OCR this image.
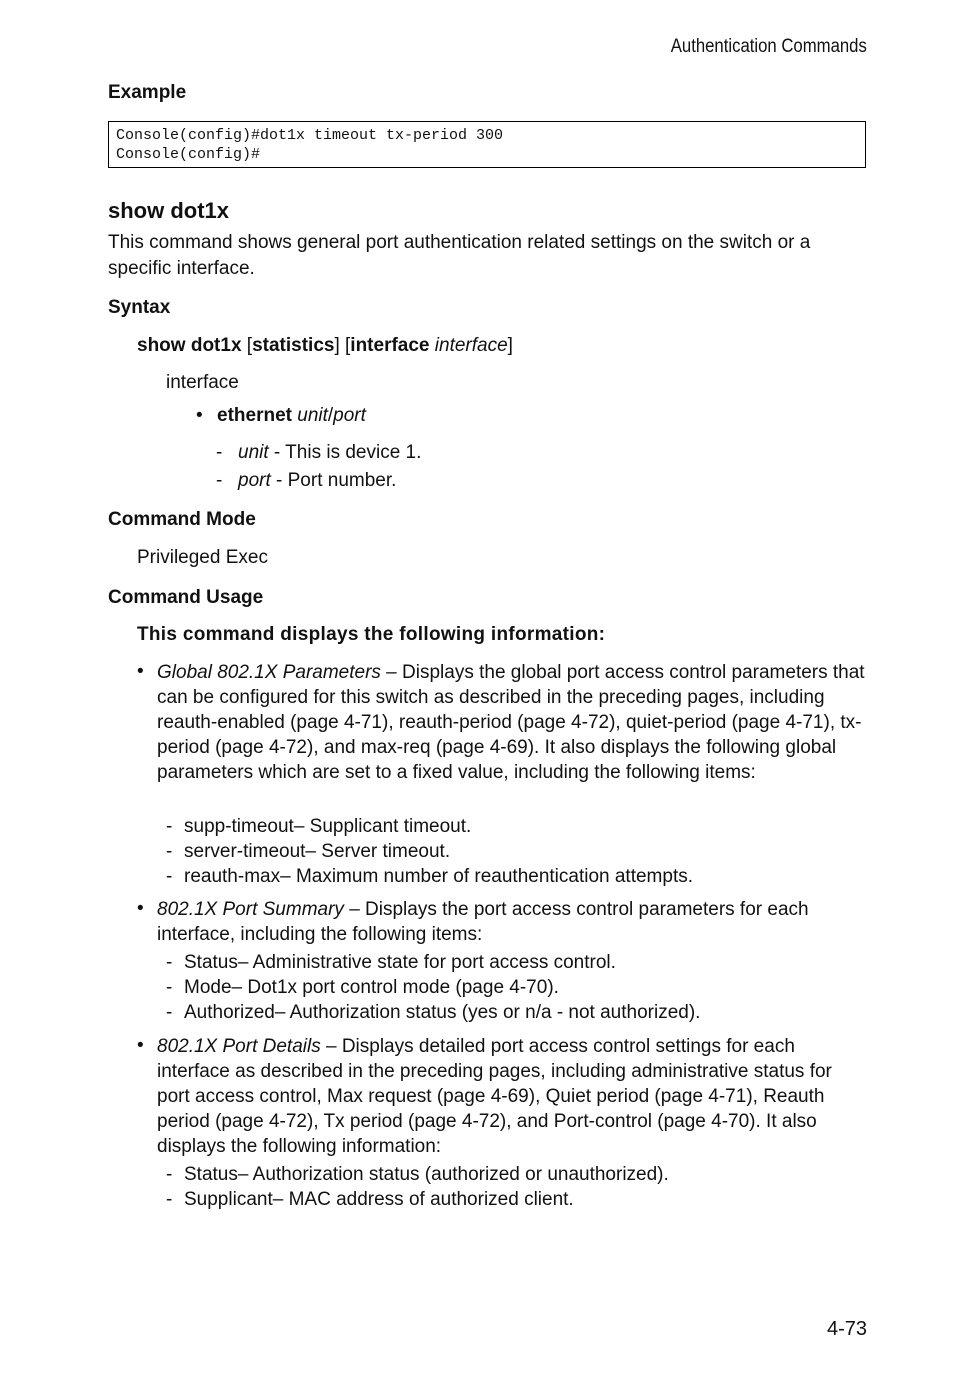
Authentication Commands
Example
Console(config)#dot1x timeout tx-period 300
Console(config)#
show dot1x
This command shows general port authentication related settings on the switch or a specific interface.
Syntax
show dot1x [statistics] [interface interface]
interface
• ethernet unit/port
- unit - This is device 1.
- port - Port number.
Command Mode
Privileged Exec
Command Usage
This command displays the following information:
• Global 802.1X Parameters – Displays the global port access control parameters that can be configured for this switch as described in the preceding pages, including reauth-enabled (page 4-71), reauth-period (page 4-72), quiet-period (page 4-71), tx-period (page 4-72), and max-req (page 4-69). It also displays the following global parameters which are set to a fixed value, including the following items:
- supp-timeout– Supplicant timeout.
- server-timeout– Server timeout.
- reauth-max– Maximum number of reauthentication attempts.
• 802.1X Port Summary – Displays the port access control parameters for each interface, including the following items:
- Status– Administrative state for port access control.
- Mode– Dot1x port control mode (page 4-70).
- Authorized– Authorization status (yes or n/a - not authorized).
• 802.1X Port Details – Displays detailed port access control settings for each interface as described in the preceding pages, including administrative status for port access control, Max request (page 4-69), Quiet period (page 4-71), Reauth period (page 4-72), Tx period (page 4-72), and Port-control (page 4-70). It also displays the following information:
- Status– Authorization status (authorized or unauthorized).
- Supplicant– MAC address of authorized client.
4-73
